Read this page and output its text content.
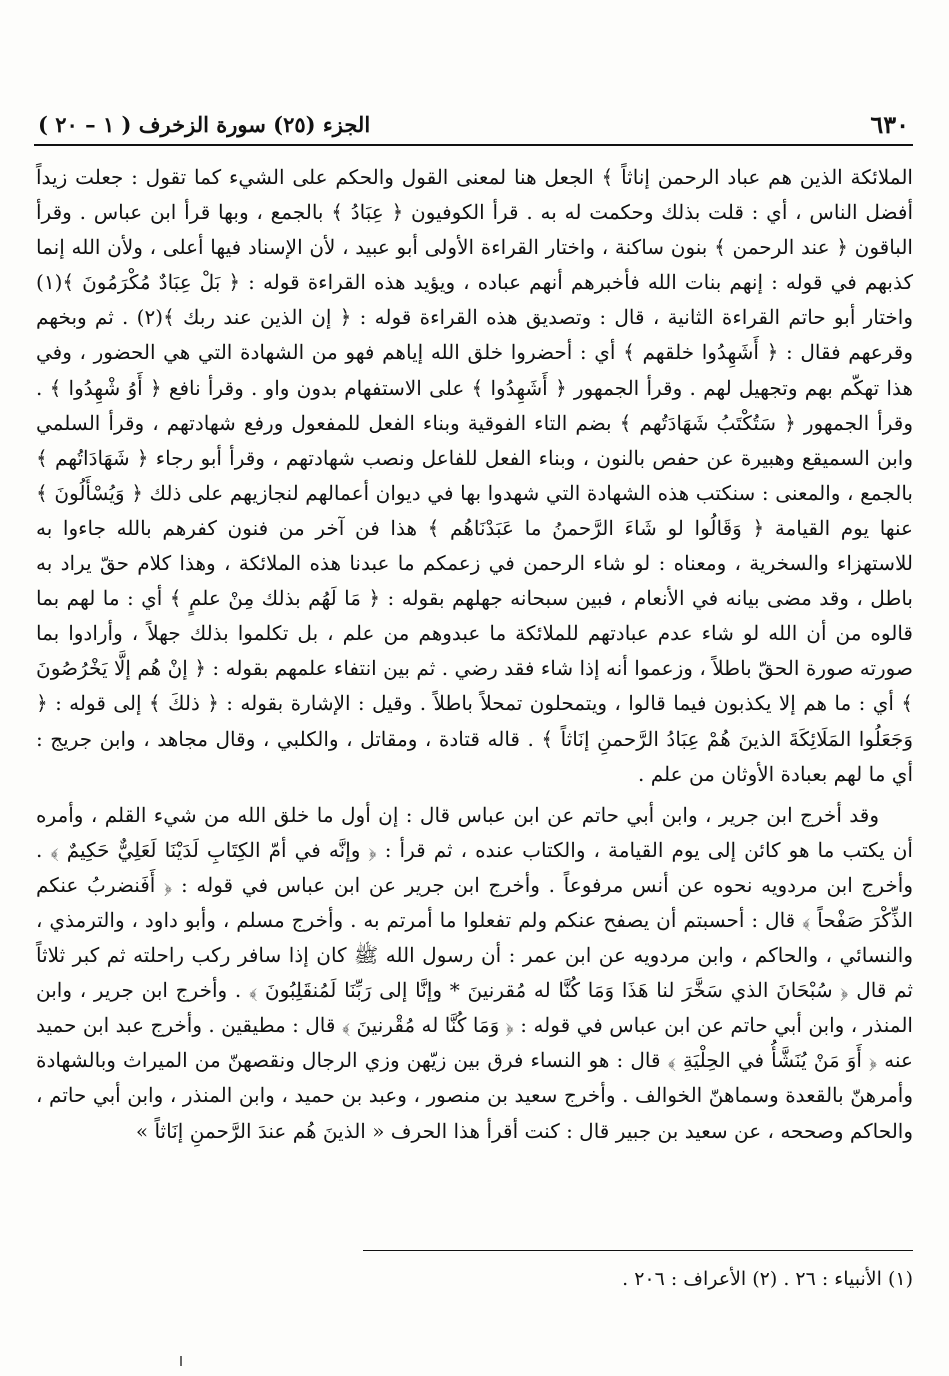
٦٣٠
الجزء (٢٥) سورة الزخرف ( ١ – ٢٠ )

الملائكة الذين هم عباد الرحمن إناثاً ﴾ الجعل هنا لمعنى القول والحكم على الشيء كما تقول : جعلت زيداً أفضل الناس ، أي : قلت بذلك وحكمت له به . قرأ الكوفيون ﴿ عِبَادُ ﴾ بالجمع ، وبها قرأ ابن عباس . وقرأ الباقون ﴿ عند الرحمن ﴾ بنون ساكنة ، واختار القراءة الأولى أبو عبيد ، لأن الإسناد فيها أعلى ، ولأن الله إنما كذبهم في قوله : إنهم بنات الله فأخبرهم أنهم عباده ، ويؤيد هذه القراءة قوله : ﴿ بَلْ عِبَادٌ مُكْرَمُونَ ﴾(١) واختار أبو حاتم القراءة الثانية ، قال : وتصديق هذه القراءة قوله : ﴿ إن الذين عند ربك ﴾(٢) . ثم وبخهم وقرعهم فقال : ﴿ أَشَهِدُوا خلقهم ﴾ أي : أحضروا خلق الله إياهم فهو من الشهادة التي هي الحضور ، وفي هذا تهكّم بهم وتجهيل لهم . وقرأ الجمهور ﴿ أَشَهِدُوا ﴾ على الاستفهام بدون واو . وقرأ نافع ﴿ أَوُ شْهِدُوا ﴾ . وقرأ الجمهور ﴿ سَتُكْتَبُ شَهَادَتُهم ﴾ بضم التاء الفوقية وبناء الفعل للمفعول ورفع شهادتهم ، وقرأ السلمي وابن السميقع وهبيرة عن حفص بالنون ، وبناء الفعل للفاعل ونصب شهادتهم ، وقرأ أبو رجاء ﴿ شَهَادَاتُهم ﴾ بالجمع ، والمعنى : سنكتب هذه الشهادة التي شهدوا بها في ديوان أعمالهم لنجازيهم على ذلك ﴿ وَيُسْأَلُونَ ﴾ عنها يوم القيامة ﴿ وَقَالُوا لو شَاءَ الرَّحمنُ ما عَبَدْنَاهُم ﴾ هذا فن آخر من فنون كفرهم بالله جاءوا به للاستهزاء والسخرية ، ومعناه : لو شاء الرحمن في زعمكم ما عبدنا هذه الملائكة ، وهذا كلام حقّ يراد به باطل ، وقد مضى بيانه في الأنعام ، فبين سبحانه جهلهم بقوله : ﴿ مَا لَهُم بذلك مِنْ علمٍ ﴾ أي : ما لهم بما قالوه من أن الله لو شاء عدم عبادتهم للملائكة ما عبدوهم من علم ، بل تكلموا بذلك جهلاً ، وأرادوا بما صورته صورة الحقّ باطلاً ، وزعموا أنه إذا شاء فقد رضي . ثم بين انتفاء علمهم بقوله : ﴿ إنْ هُم إلَّا يَخْرُصُونَ ﴾ أي : ما هم إلا يكذبون فيما قالوا ، ويتمحلون تمحلاً باطلاً . وقيل : الإشارة بقوله : ﴿ ذلكَ ﴾ إلى قوله : ﴿ وَجَعَلُوا المَلَائِكَةَ الذينَ هُمْ عِبَادُ الرَّحمنِ إنَاثاً ﴾ . قاله قتادة ، ومقاتل ، والكلبي ، وقال مجاهد ، وابن جريج : أي ما لهم بعبادة الأوثان من علم .

وقد أخرج ابن جرير ، وابن أبي حاتم عن ابن عباس قال : إن أول ما خلق الله من شيء القلم ، وأمره أن يكتب ما هو كائن إلى يوم القيامة ، والكتاب عنده ، ثم قرأ : ﴿ وإنَّه في أمّ الكِتَابِ لَدَيْنَا لَعَلِيٌّ حَكِيمٌ ﴾ . وأخرج ابن مردويه نحوه عن أنس مرفوعاً . وأخرج ابن جرير عن ابن عباس في قوله : ﴿ أَفَنضربُ عنكم الذِّكْرَ صَفْحاً ﴾ قال : أحسبتم أن يصفح عنكم ولم تفعلوا ما أمرتم به . وأخرج مسلم ، وأبو داود ، والترمذي ، والنسائي ، والحاكم ، وابن مردويه عن ابن عمر : أن رسول الله ﷺ كان إذا سافر ركب راحلته ثم كبر ثلاثاً ثم قال ﴿ سُبْحَانَ الذي سَخَّرَ لنا هَذَا وَمَا كُنَّا له مُقرنينَ * وإنَّا إلى رَبِّنَا لَمُنقَلِبُونَ ﴾ . وأخرج ابن جرير ، وابن المنذر ، وابن أبي حاتم عن ابن عباس في قوله : ﴿ وَمَا كُنَّا له مُقْرنينَ ﴾ قال : مطيقين . وأخرج عبد ابن حميد عنه ﴿ أَوَ مَنْ يُنَشَّأُ في الحِلْيَةِ ﴾ قال : هو النساء فرق بين زيّهن وزي الرجال ونقصهنّ من الميراث وبالشهادة وأمرهنّ بالقعدة وسماهنّ الخوالف . وأخرج سعيد بن منصور ، وعبد بن حميد ، وابن المنذر ، وابن أبي حاتم ، والحاكم وصححه ، عن سعيد بن جبير قال : كنت أقرأ هذا الحرف « الذينَ هُم عندَ الرَّحمنِ إنَاثاً »

(١) الأنبياء : ٢٦ . (٢) الأعراف : ٢٠٦ .
